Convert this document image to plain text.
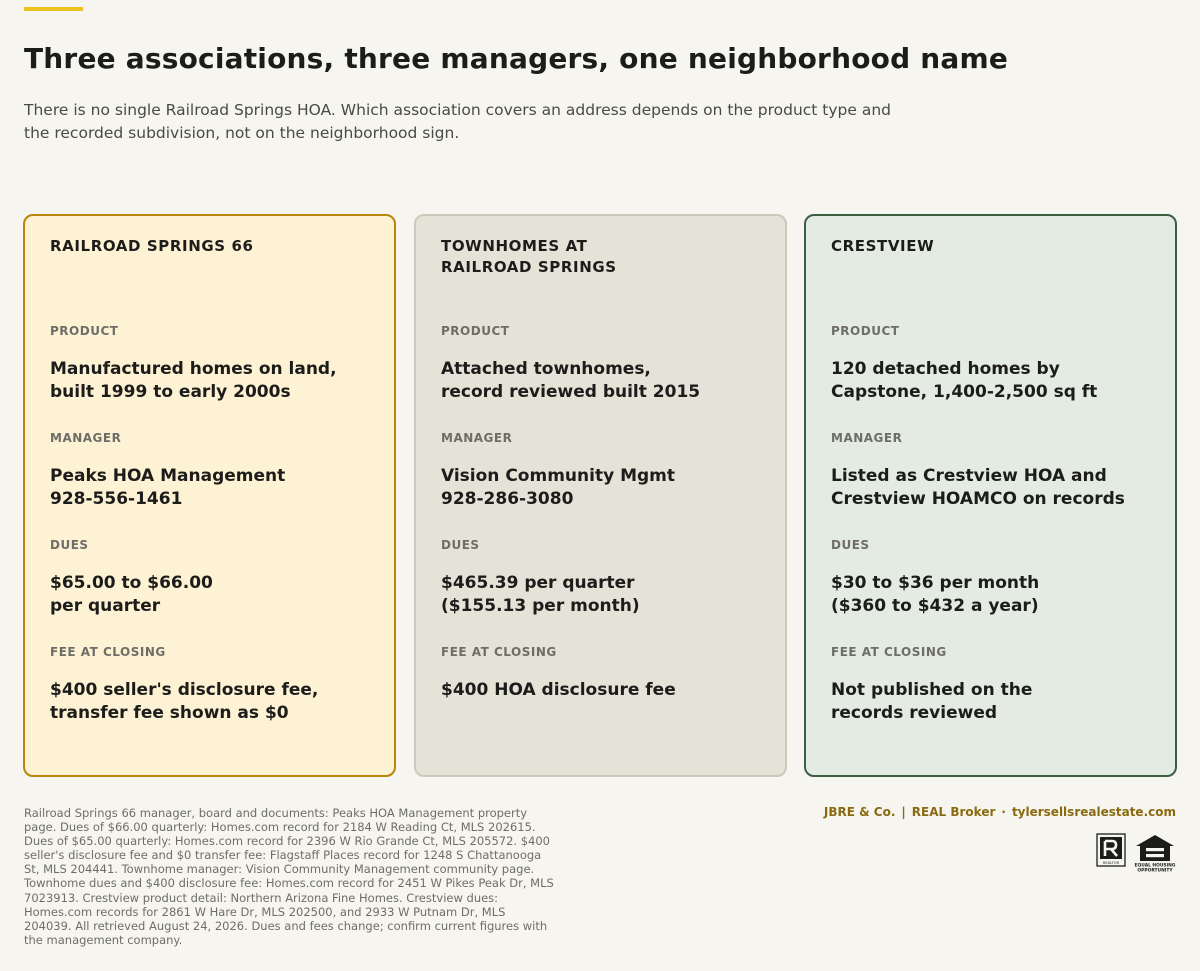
Three associations, three managers, one neighborhood name

There is no single Railroad Springs HOA. Which association covers an address depends on the product type and the recorded subdivision, not on the neighborhood sign.

RAILROAD SPRINGS 66
PRODUCT
Manufactured homes on land,
built 1999 to early 2000s
MANAGER
Peaks HOA Management
928-556-1461
DUES
$65.00 to $66.00
per quarter
FEE AT CLOSING
$400 seller's disclosure fee,
transfer fee shown as $0
TOWNHOMES AT
RAILROAD SPRINGS
PRODUCT
Attached townhomes,
record reviewed built 2015
MANAGER
Vision Community Mgmt
928-286-3080
DUES
$465.39 per quarter
($155.13 per month)
FEE AT CLOSING
$400 HOA disclosure fee
CRESTVIEW
PRODUCT
120 detached homes by
Capstone, 1,400-2,500 sq ft
MANAGER
Listed as Crestview HOA and
Crestview HOAMCO on records
DUES
$30 to $36 per month
($360 to $432 a year)
FEE AT CLOSING
Not published on the
records reviewed
Railroad Springs 66 manager, board and documents: Peaks HOA Management property page. Dues of $66.00 quarterly: Homes.com record for 2184 W Reading Ct, MLS 202615. Dues of $65.00 quarterly: Homes.com record for 2396 W Rio Grande Ct, MLS 205572. $400 seller's disclosure fee and $0 transfer fee: Flagstaff Places record for 1248 S Chattanooga St, MLS 204441. Townhome manager: Vision Community Management community page. Townhome dues and $400 disclosure fee: Homes.com record for 2451 W Pikes Peak Dr, MLS 7023913. Crestview product detail: Northern Arizona Fine Homes. Crestview dues: Homes.com records for 2861 W Hare Dr, MLS 202500, and 2933 W Putnam Dr, MLS 204039. All retrieved August 24, 2026. Dues and fees change; confirm current figures with the management company.
JBRE & Co. | REAL Broker · tylersellsrealestate.com
REALTOR
EQUAL HOUSING
OPPORTUNITY
